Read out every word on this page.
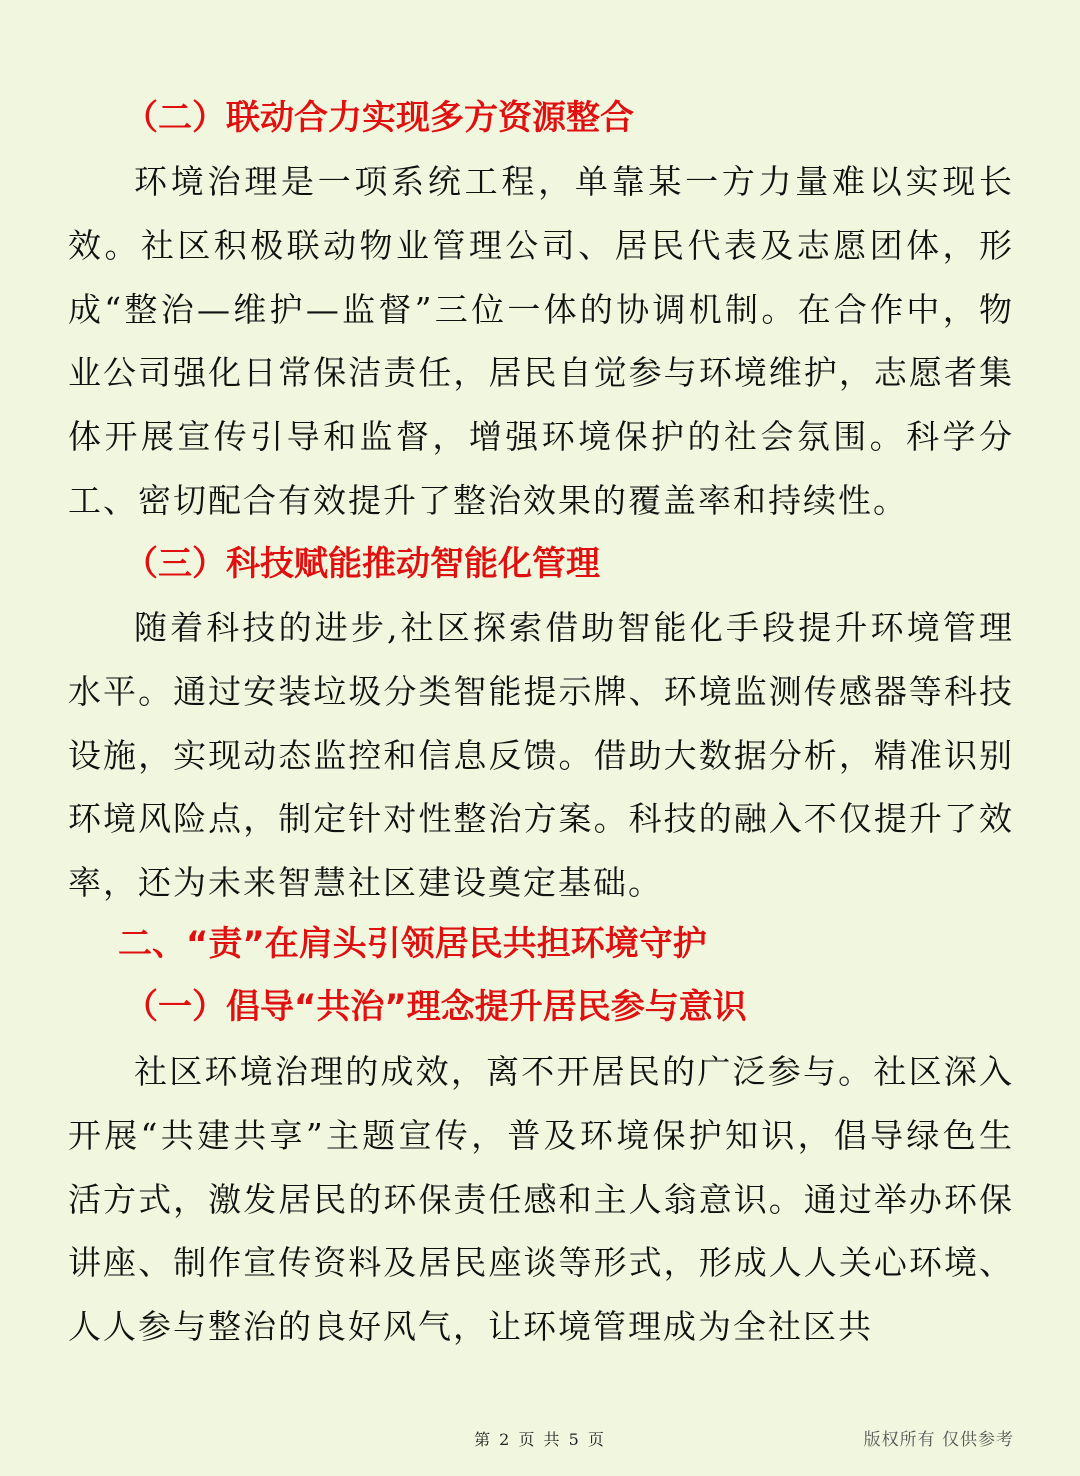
（二）联动合力实现多方资源整合

环境治理是一项系统工程，单靠某一方力量难以实现长效。社区积极联动物业管理公司、居民代表及志愿团体，形成“整治—维护—监督”三位一体的协调机制。在合作中，物业公司强化日常保洁责任，居民自觉参与环境维护，志愿者集体开展宣传引导和监督，增强环境保护的社会氛围。科学分工、密切配合有效提升了整治效果的覆盖率和持续性。

（三）科技赋能推动智能化管理

随着科技的进步,社区探索借助智能化手段提升环境管理水平。通过安装垃圾分类智能提示牌、环境监测传感器等科技设施，实现动态监控和信息反馈。借助大数据分析，精准识别环境风险点，制定针对性整治方案。科技的融入不仅提升了效率，还为未来智慧社区建设奠定基础。

二、“责”在肩头引领居民共担环境守护
（一）倡导“共治”理念提升居民参与意识

社区环境治理的成效，离不开居民的广泛参与。社区深入开展“共建共享”主题宣传，普及环境保护知识，倡导绿色生活方式，激发居民的环保责任感和主人翁意识。通过举办环保讲座、制作宣传资料及居民座谈等形式，形成人人关心环境、人人参与整治的良好风气，让环境管理成为全社区共

第 2 页 共 5 页	版权所有 仅供参考
